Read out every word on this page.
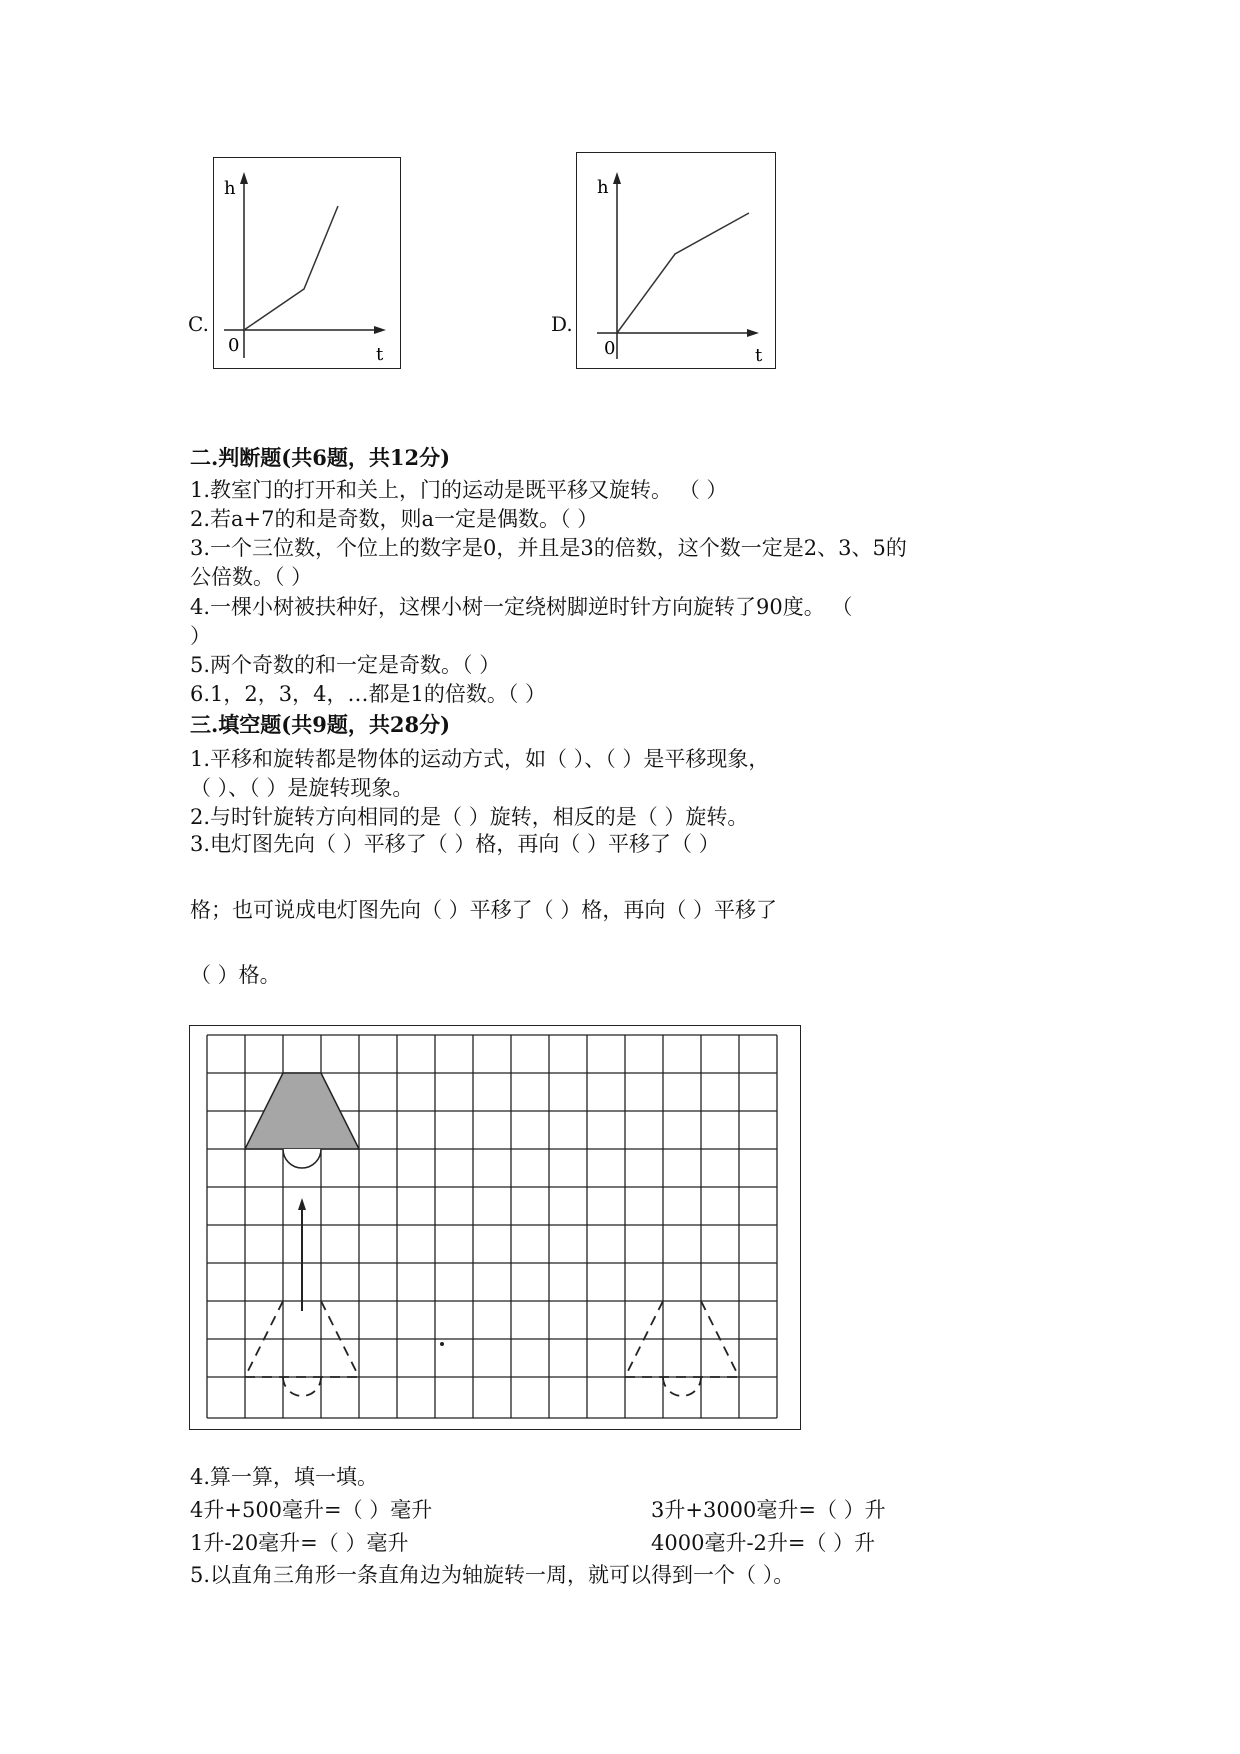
C.
h
0	t
D.
h
0	t
二.判断题(共6题，共12分)
1.教室门的打开和关上，门的运动是既平移又旋转。 （ ）
2.若a+7的和是奇数，则a一定是偶数。（ ）
3.一个三位数，个位上的数字是0，并且是3的倍数，这个数一定是2、3、5的
公倍数。（ ）
4.一棵小树被扶种好，这棵小树一定绕树脚逆时针方向旋转了90度。 （
）
5.两个奇数的和一定是奇数。（ ）
6.1，2，3，4，…都是1的倍数。（ ）
三.填空题(共9题，共28分)
1.平移和旋转都是物体的运动方式，如（ ）、（ ）是平移现象，
（ ）、（ ）是旋转现象。
2.与时针旋转方向相同的是（ ）旋转，相反的是（ ）旋转。
3.电灯图先向（ ）平移了（ ）格，再向（ ）平移了（ ）
格；也可说成电灯图先向（ ）平移了（ ）格，再向（ ）平移了
（ ）格。
4.算一算，填一填。
4升+500毫升=（ ）毫升	3升+3000毫升=（ ）升
1升-20毫升=（ ）毫升	4000毫升-2升=（ ）升
5.以直角三角形一条直角边为轴旋转一周，就可以得到一个（ ）。
